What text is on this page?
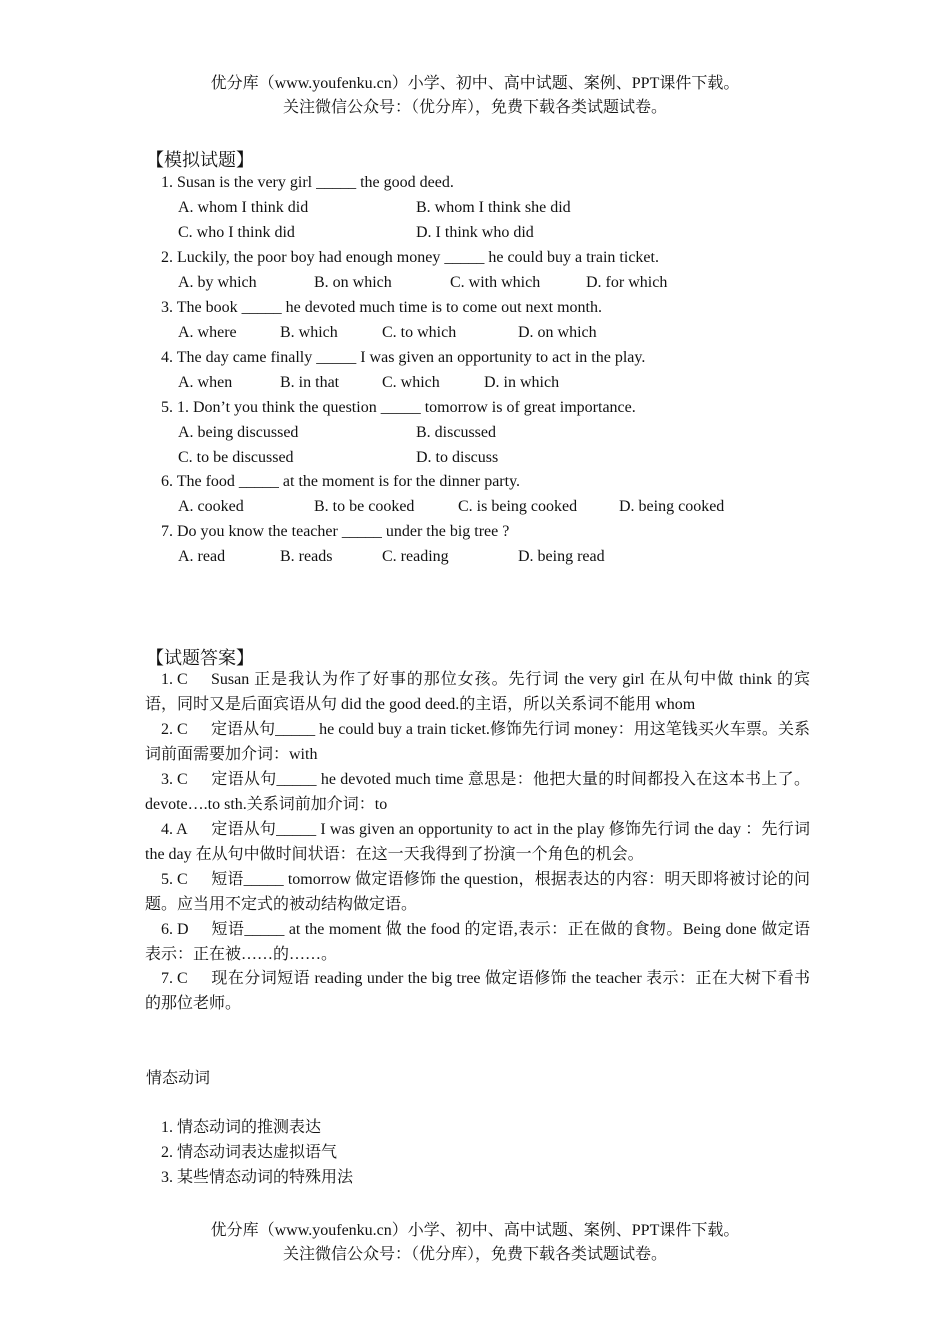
优分库（www.youfenku.cn）小学、初中、高中试题、案例、PPT课件下载。
关注微信公众号：（优分库），免费下载各类试题试卷。
【模拟试题】
1. Susan is the very girl _____ the good deed.
A. whom I think did	B. whom I think she did
C. who I think did	D. I think who did
2. Luckily, the poor boy had enough money _____ he could buy a train ticket.
A. by which	B. on which	C. with which	D. for which
3. The book _____ he devoted much time is to come out next month.
A. where	B. which	C. to which	D. on which
4. The day came finally _____ I was given an opportunity to act in the play.
A. when	B. in that	C. which	D. in which
5. 1. Don’t you think the question _____ tomorrow is of great importance.
A. being discussed	B. discussed
C. to be discussed	D. to discuss
6. The food _____ at the moment is for the dinner party.
A. cooked	B. to be cooked	C. is being cooked	D. being cooked
7. Do you know the teacher _____ under the big tree ?
A. read	B. reads	C. reading	D. being read
【试题答案】
1. C Susan 正是我认为作了好事的那位女孩。先行词 the very girl 在从句中做 think 的宾语，同时又是后面宾语从句 did the good deed.的主语，所以关系词不能用 whom
2. C 定语从句_____ he could buy a train ticket.修饰先行词 money：用这笔钱买火车票。关系词前面需要加介词：with
3. C 定语从句_____ he devoted much time 意思是：他把大量的时间都投入在这本书上了。devote….to sth.关系词前加介词：to
4. A 定语从句_____ I was given an opportunity to act in the play 修饰先行词 the day ：先行词 the day 在从句中做时间状语：在这一天我得到了扮演一个角色的机会。
5. C 短语_____ tomorrow 做定语修饰 the question，根据表达的内容：明天即将被讨论的问题。应当用不定式的被动结构做定语。
6. D 短语_____ at the moment 做 the food 的定语,表示：正在做的食物。Being done 做定语表示：正在被……的……。
7. C 现在分词短语 reading under the big tree 做定语修饰 the teacher 表示：正在大树下看书的那位老师。
情态动词
1. 情态动词的推测表达
2. 情态动词表达虚拟语气
3. 某些情态动词的特殊用法
优分库（www.youfenku.cn）小学、初中、高中试题、案例、PPT课件下载。
关注微信公众号：（优分库），免费下载各类试题试卷。
